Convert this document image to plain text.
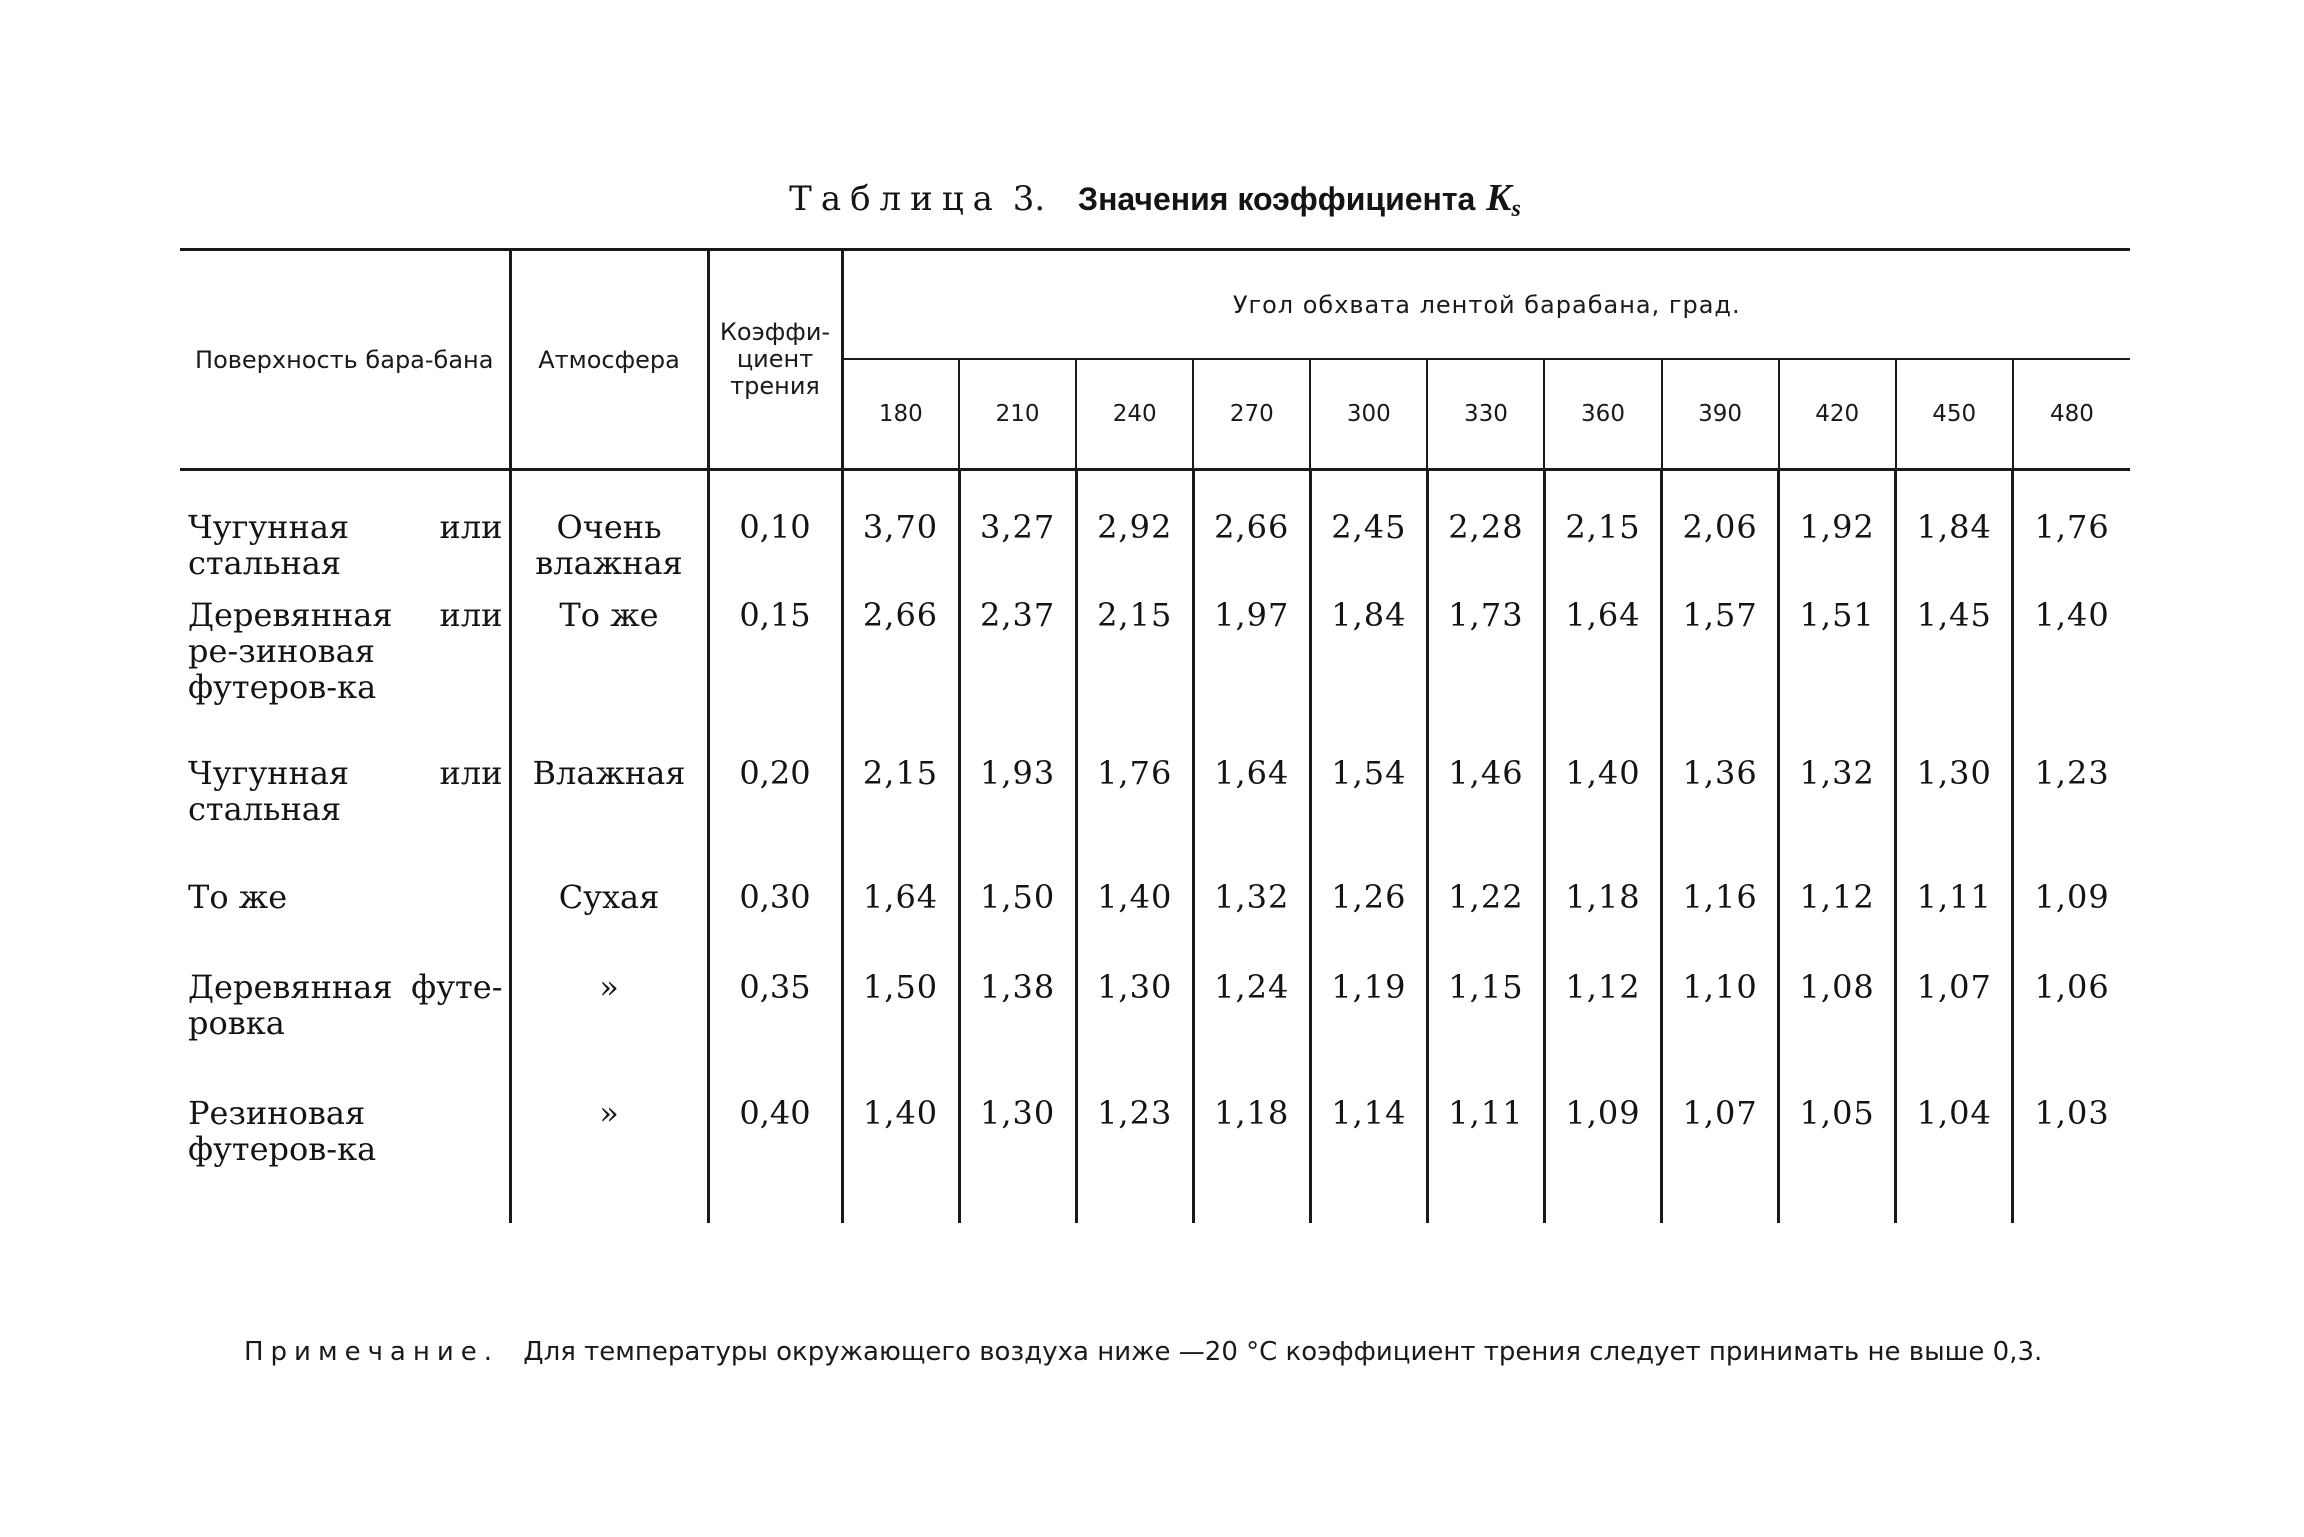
Таблица 3. Значения коэффициента Ks
Поверхность бара-бана	Атмосфера	Коэффи-циент трения	Угол обхвата лентой барабана, град.										
			180	210	240	270	300	330	360	390	420	450	480
Чугунная или стальная	Очень влажная	0,10	3,70	3,27	2,92	2,66	2,45	2,28	2,15	2,06	1,92	1,84	1,76
Деревянная или ре-зиновая футеров-ка	То же	0,15	2,66	2,37	2,15	1,97	1,84	1,73	1,64	1,57	1,51	1,45	1,40
Чугунная или стальная	Влажная	0,20	2,15	1,93	1,76	1,64	1,54	1,46	1,40	1,36	1,32	1,30	1,23
То же	Сухая	0,30	1,64	1,50	1,40	1,32	1,26	1,22	1,18	1,16	1,12	1,11	1,09
Деревянная футе-ровка	»	0,35	1,50	1,38	1,30	1,24	1,19	1,15	1,12	1,10	1,08	1,07	1,06
Резиновая футеров-ка	»	0,40	1,40	1,30	1,23	1,18	1,14	1,11	1,09	1,07	1,05	1,04	1,03
Примечание. Для температуры окружающего воздуха ниже —20 °С коэффициент трения следует принимать не выше 0,3.
